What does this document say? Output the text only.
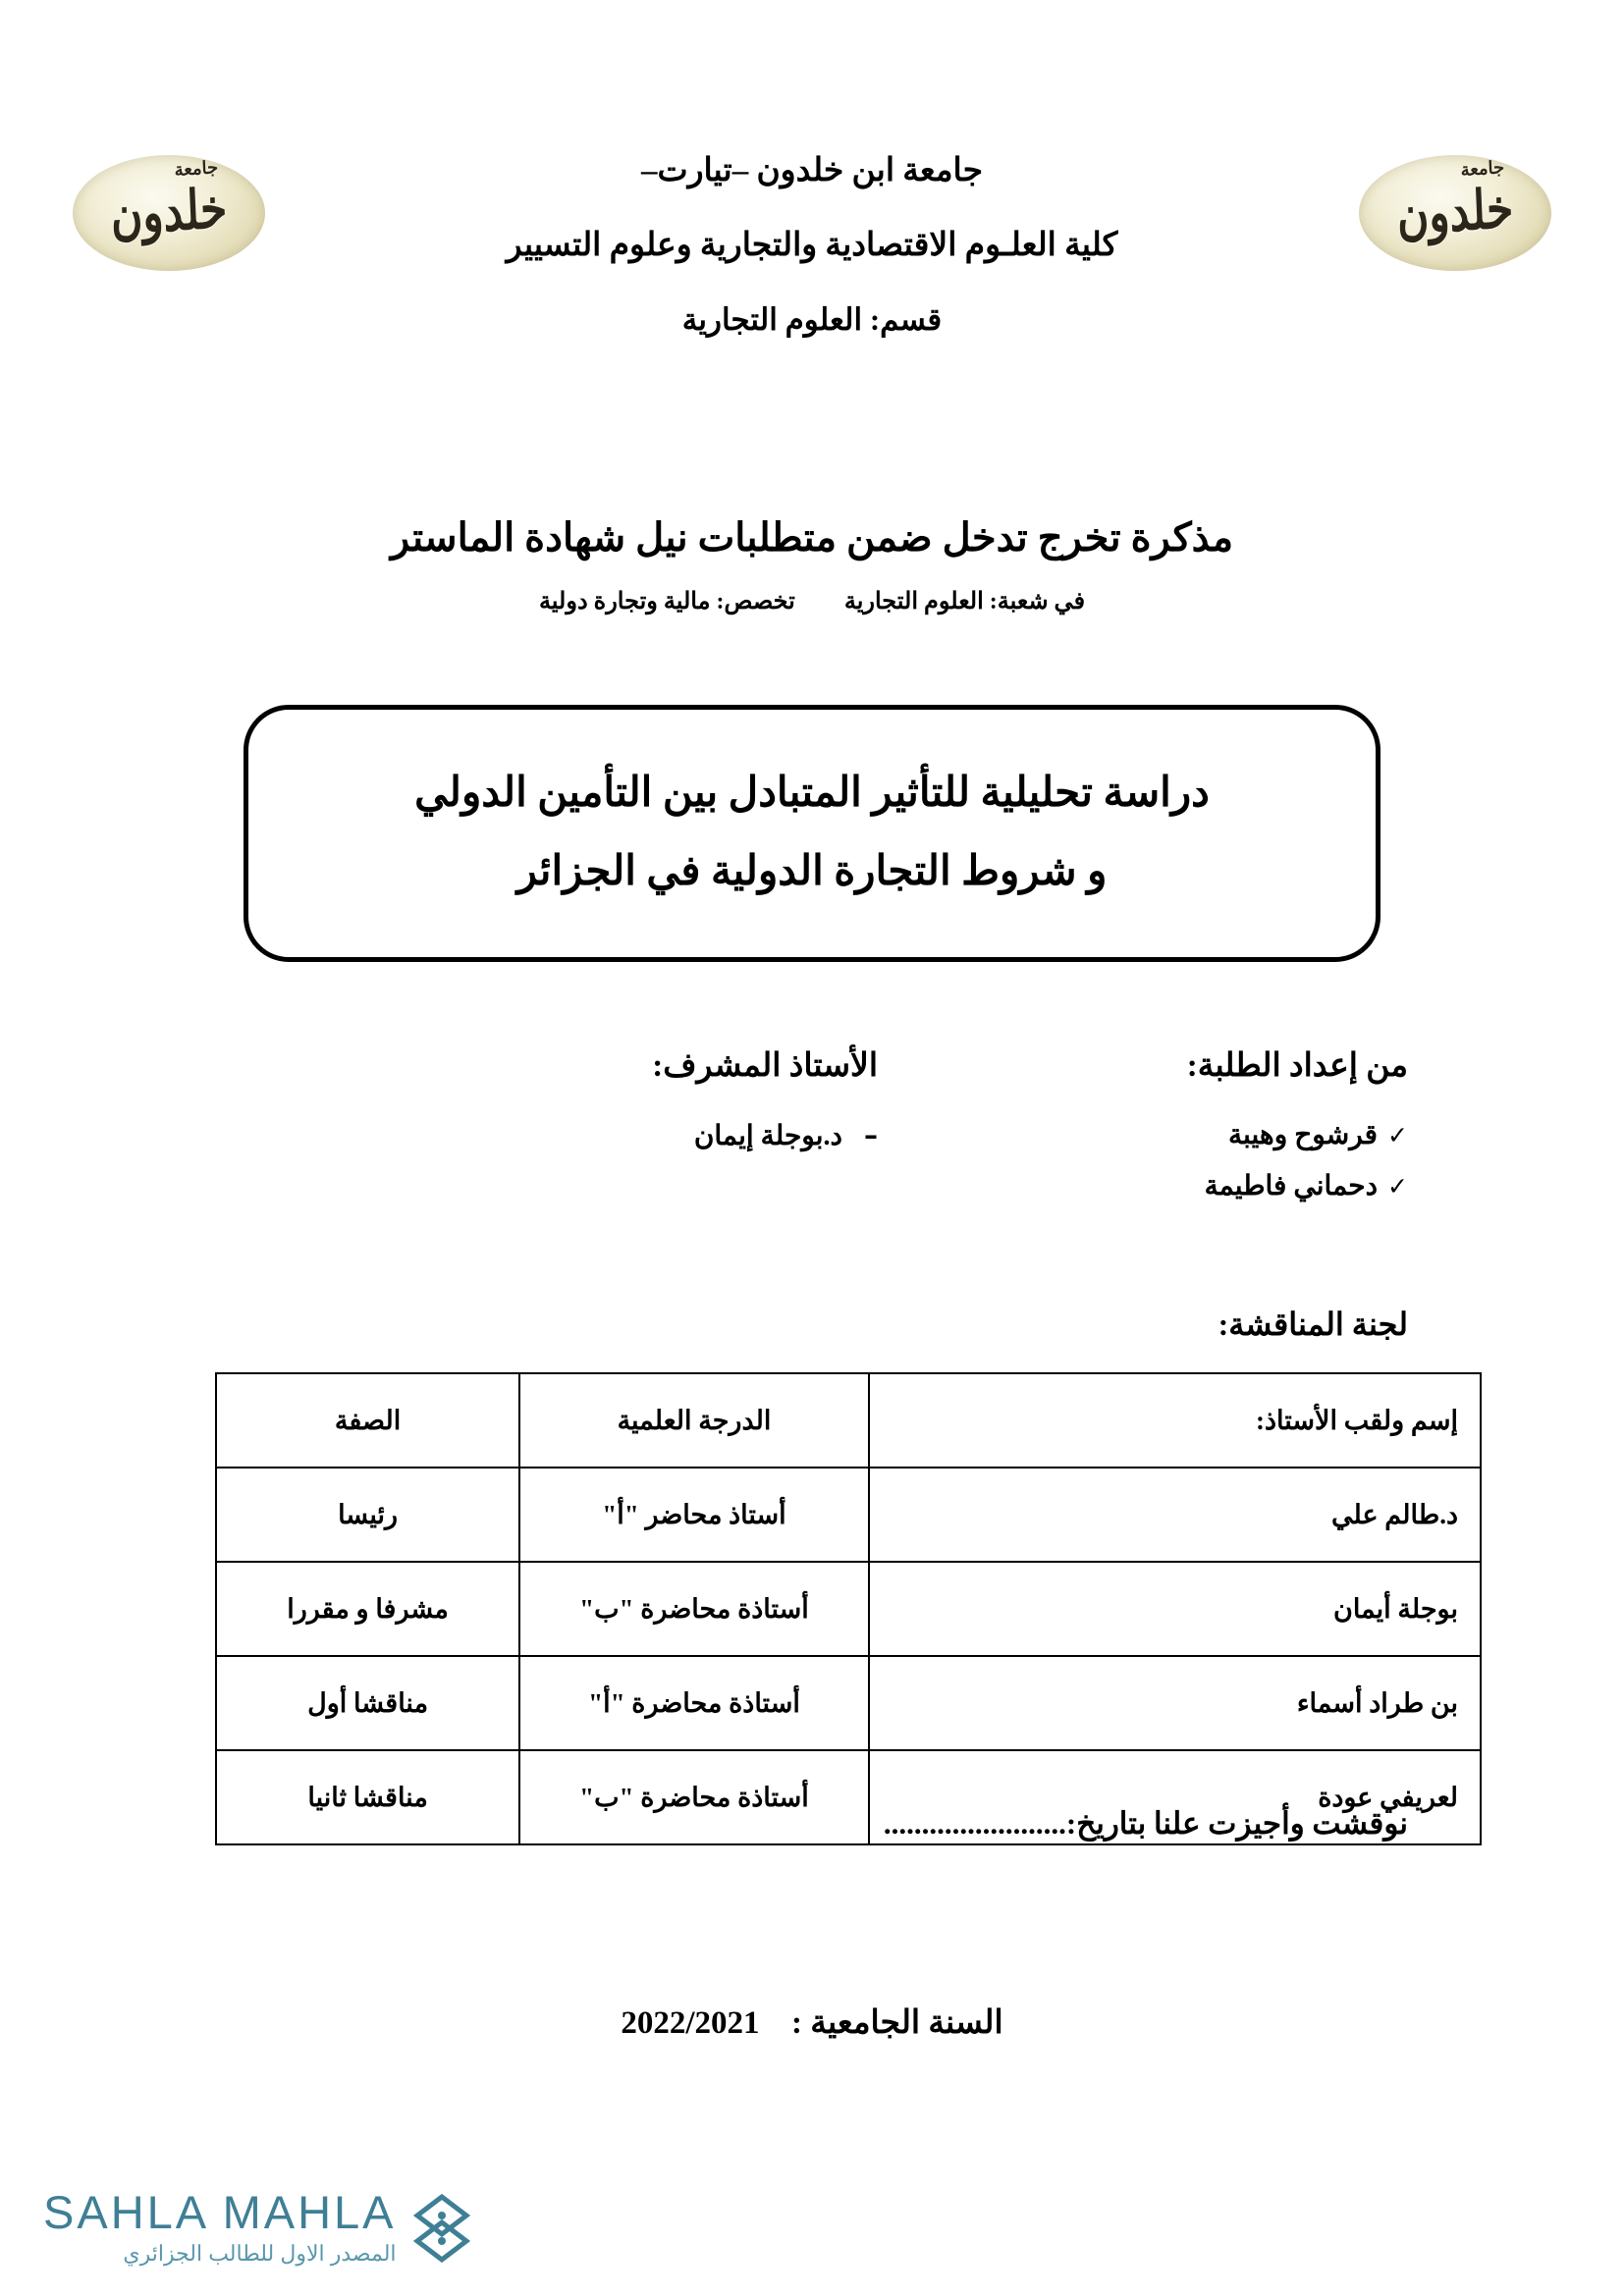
جامعة
خلدون
جامعة
خلدون
جامعة ابن خلدون –تيارت–
كلية العلـوم الاقتصادية والتجارية وعلوم التسيير
قسم: العلوم التجارية
مذكرة تخرج تدخل ضمن متطلبات نيل شهادة الماستر
في شعبة: العلوم التجارية  تخصص: مالية وتجارة دولية
دراسة تحليلية للتأثير المتبادل بين التأمين الدولي
و شروط التجارة الدولية في الجزائر
من إعداد الطلبة:
✓قرشوح وهيبة
✓دحماني فاطيمة
الأستاذ المشرف:
–د.بوجلة إيمان
لجنة المناقشة:
إسم ولقب الأستاذ:	الدرجة العلمية	الصفة
د.طالم علي	أستاذ محاضر "أ"	رئيسا
بوجلة أيمان	أستاذة محاضرة "ب"	مشرفا و مقررا
بن طراد أسماء	أستاذة محاضرة "أ"	مناقشا أول
لعريفي عودة	أستاذة محاضرة "ب"	مناقشا ثانيا
نوقشت وأجيزت علنا بتاريخ:........................
السنة الجامعية :  2022/2021
SAHLA MAHLA
المصدر الاول للطالب الجزائري
